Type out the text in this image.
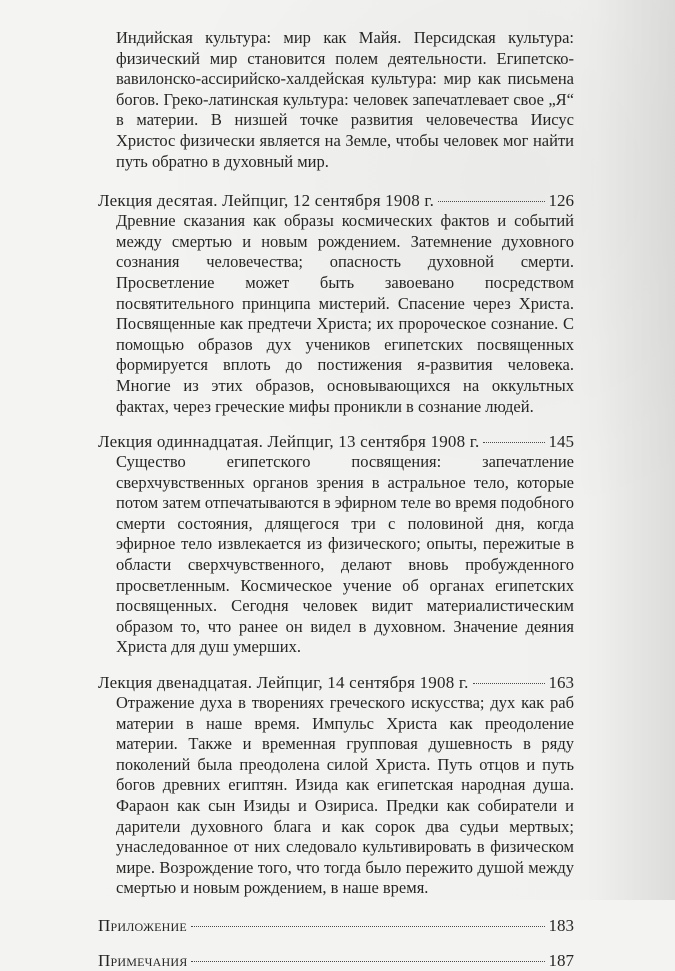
Индийская культура: мир как Майя. Персидская культура: физический мир становится полем деятельности. Египетско-вавилонско-ассирийско-халдейская культура: мир как письмена богов. Греко-латинская культура: человек запечатлевает свое „Я“ в материи. В низшей точке развития человечества Иисус Христос физически является на Земле, чтобы человек мог найти путь обратно в духовный мир.

Лекция десятая. Лейпциг, 12 сентября 1908 г.	126

Древние сказания как образы космических фактов и событий между смертью и новым рождением. Затемнение духовного сознания человечества; опасность духовной смерти. Просветление может быть завоевано посредством посвятительного принципа мистерий. Спасение через Христа. Посвященные как предтечи Христа; их пророческое сознание. С помощью образов дух учеников египетских посвященных формируется вплоть до постижения я-развития человека. Многие из этих образов, основывающихся на оккультных фактах, через греческие мифы проникли в сознание людей.

Лекция одиннадцатая. Лейпциг, 13 сентября 1908 г.	145

Существо египетского посвящения: запечатление сверхчувственных органов зрения в астральное тело, которые потом затем отпечатываются в эфирном теле во время подобного смерти состояния, длящегося три с половиной дня, когда эфирное тело извлекается из физического; опыты, пережитые в области сверхчувственного, делают вновь пробужденного просветленным. Космическое учение об органах египетских посвященных. Сегодня человек видит материалистическим образом то, что ранее он видел в духовном. Значение деяния Христа для душ умерших.

Лекция двенадцатая. Лейпциг, 14 сентября 1908 г.	163

Отражение духа в творениях греческого искусства; дух как раб материи в наше время. Импульс Христа как преодоление материи. Также и временная групповая душевность в ряду поколений была преодолена силой Христа. Путь отцов и путь богов древних египтян. Изида как египетская народная душа. Фараон как сын Изиды и Озириса. Предки как собиратели и дарители духовного блага и как сорок два судьи мертвых; унаследованное от них следовало культивировать в физическом мире. Возрождение того, что тогда было пережито душой между смертью и новым рождением, в наше время.

Приложение	183
Примечания	187
